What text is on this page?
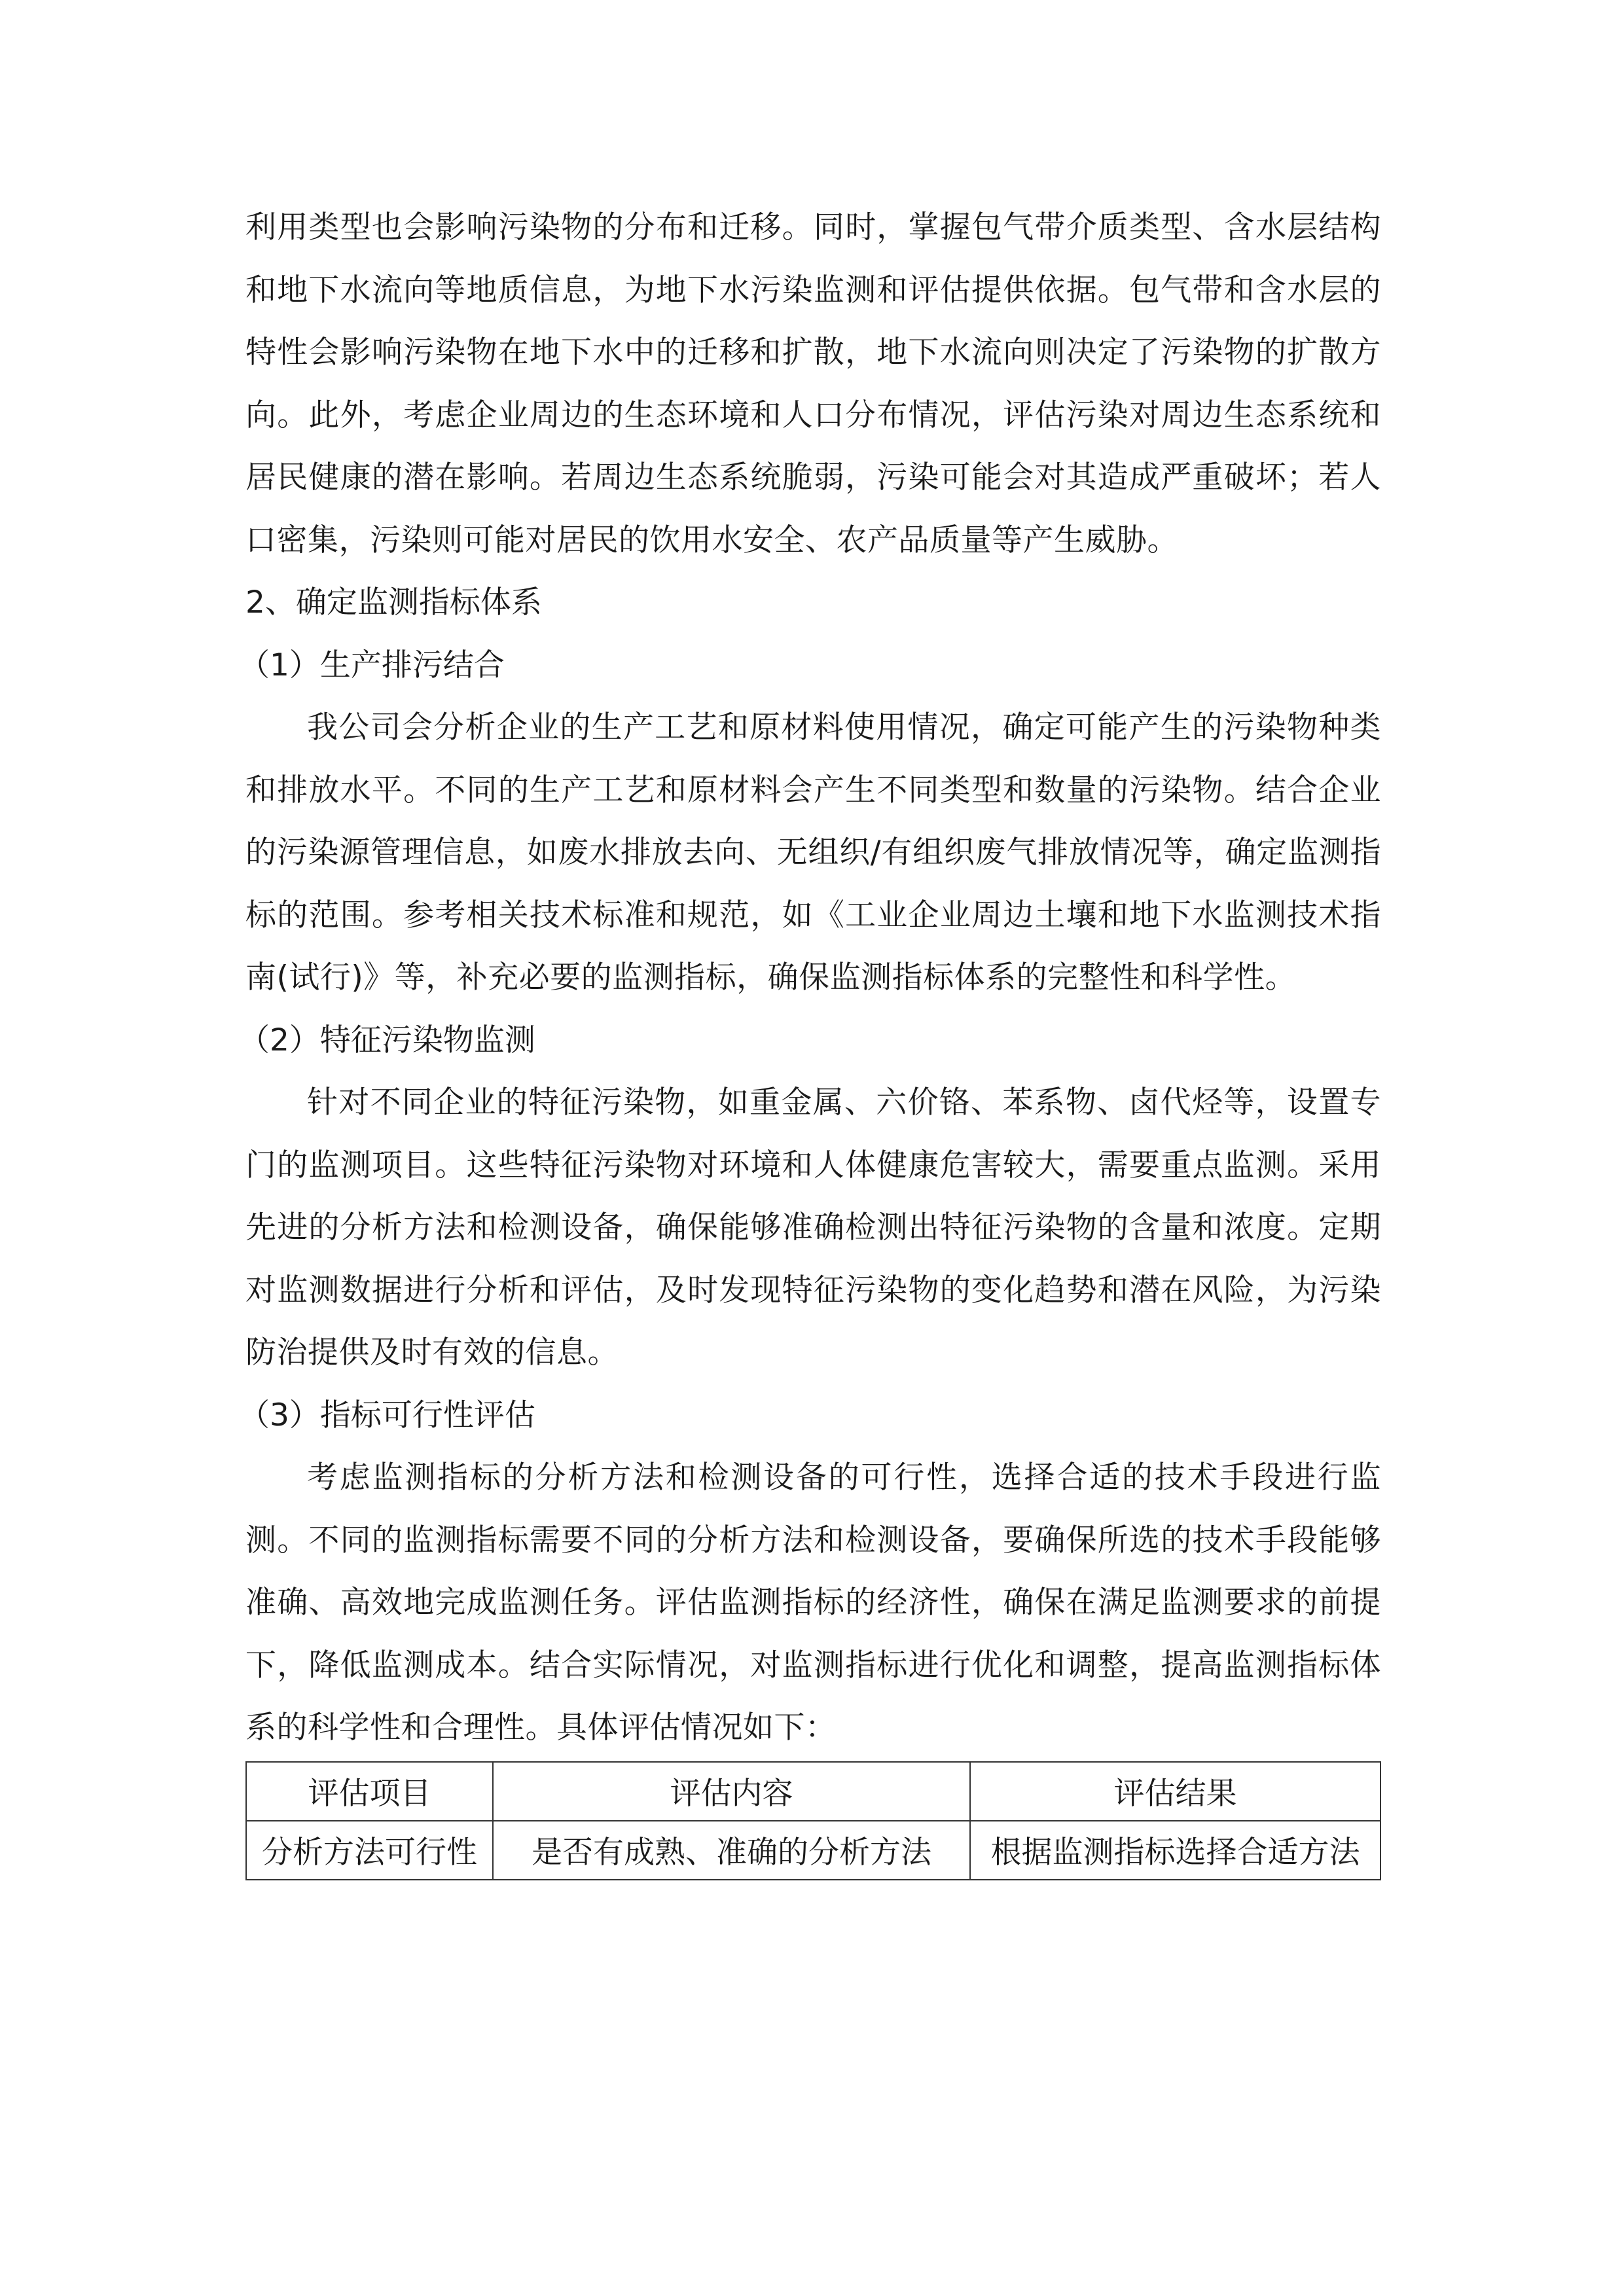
利用类型也会影响污染物的分布和迁移。同时，掌握包气带介质类型、含水层结构和地下水流向等地质信息，为地下水污染监测和评估提供依据。包气带和含水层的特性会影响污染物在地下水中的迁移和扩散，地下水流向则决定了污染物的扩散方向。此外，考虑企业周边的生态环境和人口分布情况，评估污染对周边生态系统和居民健康的潜在影响。若周边生态系统脆弱，污染可能会对其造成严重破坏；若人口密集，污染则可能对居民的饮用水安全、农产品质量等产生威胁。

2、确定监测指标体系

（1）生产排污结合

我公司会分析企业的生产工艺和原材料使用情况，确定可能产生的污染物种类和排放水平。不同的生产工艺和原材料会产生不同类型和数量的污染物。结合企业的污染源管理信息，如废水排放去向、无组织/有组织废气排放情况等，确定监测指标的范围。参考相关技术标准和规范，如《工业企业周边土壤和地下水监测技术指南(试行)》等，补充必要的监测指标，确保监测指标体系的完整性和科学性。

（2）特征污染物监测

针对不同企业的特征污染物，如重金属、六价铬、苯系物、卤代烃等，设置专门的监测项目。这些特征污染物对环境和人体健康危害较大，需要重点监测。采用先进的分析方法和检测设备，确保能够准确检测出特征污染物的含量和浓度。定期对监测数据进行分析和评估，及时发现特征污染物的变化趋势和潜在风险，为污染防治提供及时有效的信息。

（3）指标可行性评估

考虑监测指标的分析方法和检测设备的可行性，选择合适的技术手段进行监测。不同的监测指标需要不同的分析方法和检测设备，要确保所选的技术手段能够准确、高效地完成监测任务。评估监测指标的经济性，确保在满足监测要求的前提下，降低监测成本。结合实际情况，对监测指标进行优化和调整，提高监测指标体系的科学性和合理性。具体评估情况如下：

评估项目	评估内容	评估结果
分析方法可行性	是否有成熟、准确的分析方法	根据监测指标选择合适方法
